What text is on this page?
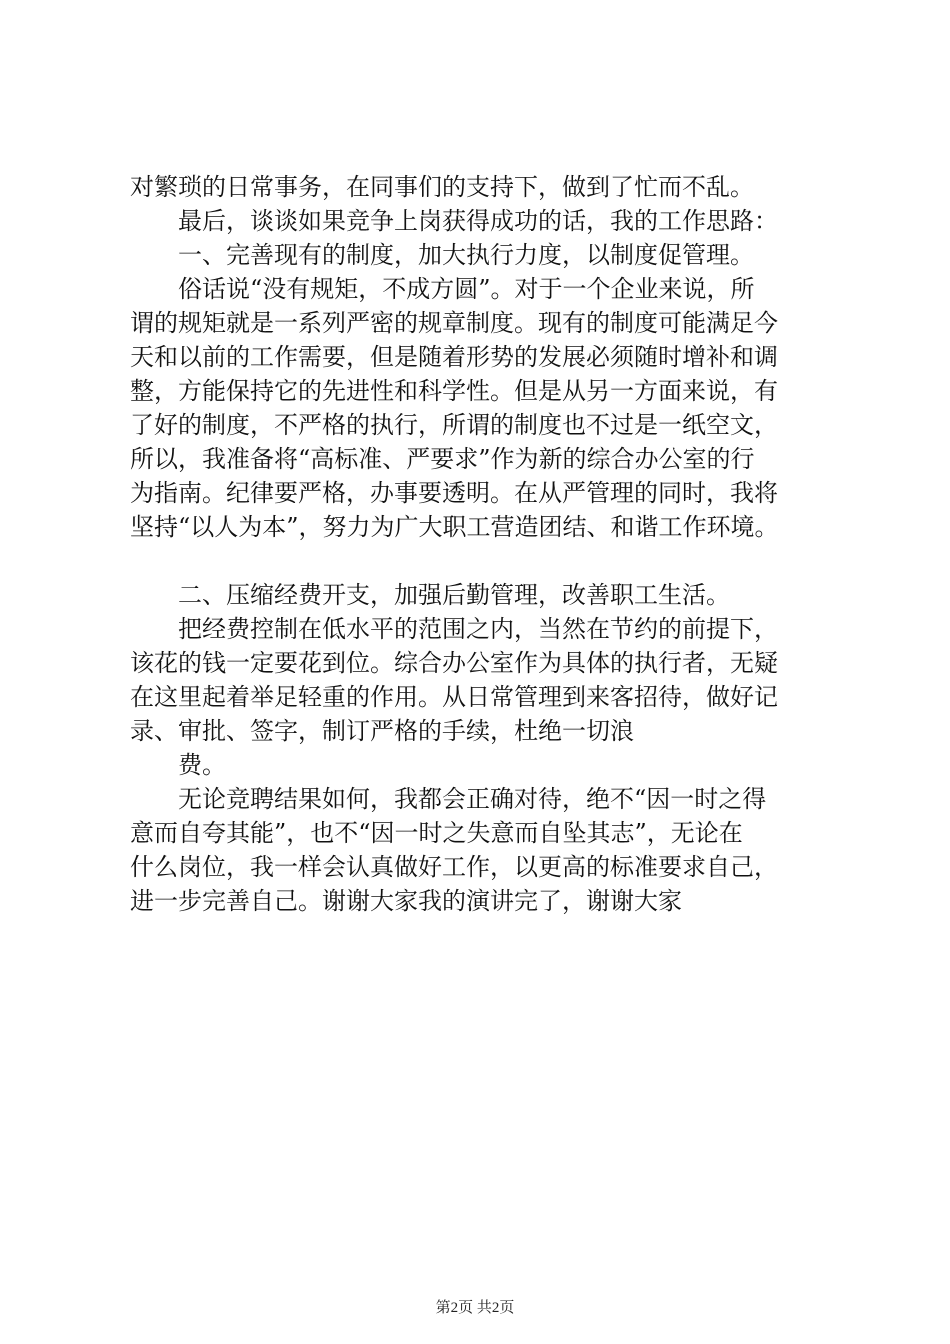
对繁琐的日常事务，在同事们的支持下，做到了忙而不乱。
最后，谈谈如果竞争上岗获得成功的话，我的工作思路：
一、完善现有的制度，加大执行力度，以制度促管理。
俗话说“没有规矩，不成方圆”。对于一个企业来说，所
谓的规矩就是一系列严密的规章制度。现有的制度可能满足今
天和以前的工作需要，但是随着形势的发展必须随时增补和调
整，方能保持它的先进性和科学性。但是从另一方面来说，有
了好的制度，不严格的执行，所谓的制度也不过是一纸空文，
所以，我准备将“高标准、严要求”作为新的综合办公室的行
为指南。纪律要严格，办事要透明。在从严管理的同时，我将
坚持“以人为本”，努力为广大职工营造团结、和谐工作环境。
二、压缩经费开支，加强后勤管理，改善职工生活。
把经费控制在低水平的范围之内，当然在节约的前提下，
该花的钱一定要花到位。综合办公室作为具体的执行者，无疑
在这里起着举足轻重的作用。从日常管理到来客招待，做好记
录、审批、签字，制订严格的手续，杜绝一切浪
费。
无论竞聘结果如何，我都会正确对待，绝不“因一时之得
意而自夸其能”，也不“因一时之失意而自坠其志”，无论在
什么岗位，我一样会认真做好工作，以更高的标准要求自己，
进一步完善自己。谢谢大家我的演讲完了，谢谢大家
第2页 共2页
